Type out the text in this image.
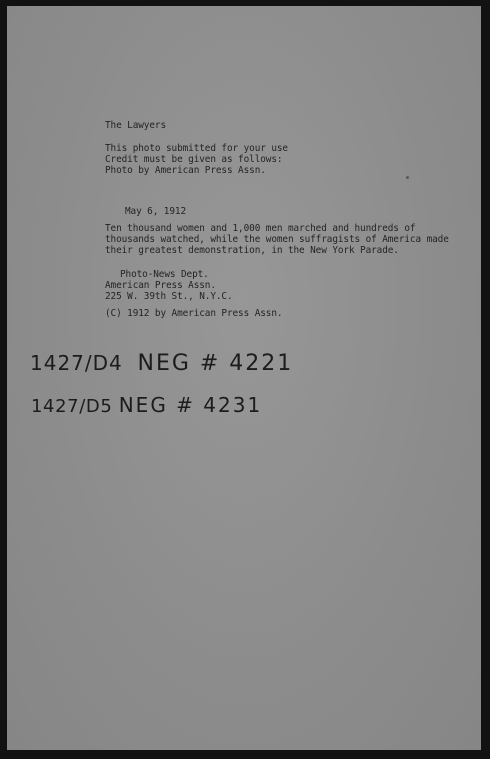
The Lawyers
This photo submitted for your use
Credit must be given as follows:
Photo by American Press Assn.
May 6, 1912
Ten thousand women and 1,000 men marched and hundreds of
thousands watched, while the women suffragists of America made
their greatest demonstration, in the New York Parade.
Photo-News Dept.
American Press Assn.
225 W. 39th St., N.Y.C.
(C) 1912 by American Press Assn.
1427/D4 NEG # 4221
1427/D5 NEG # 4231
